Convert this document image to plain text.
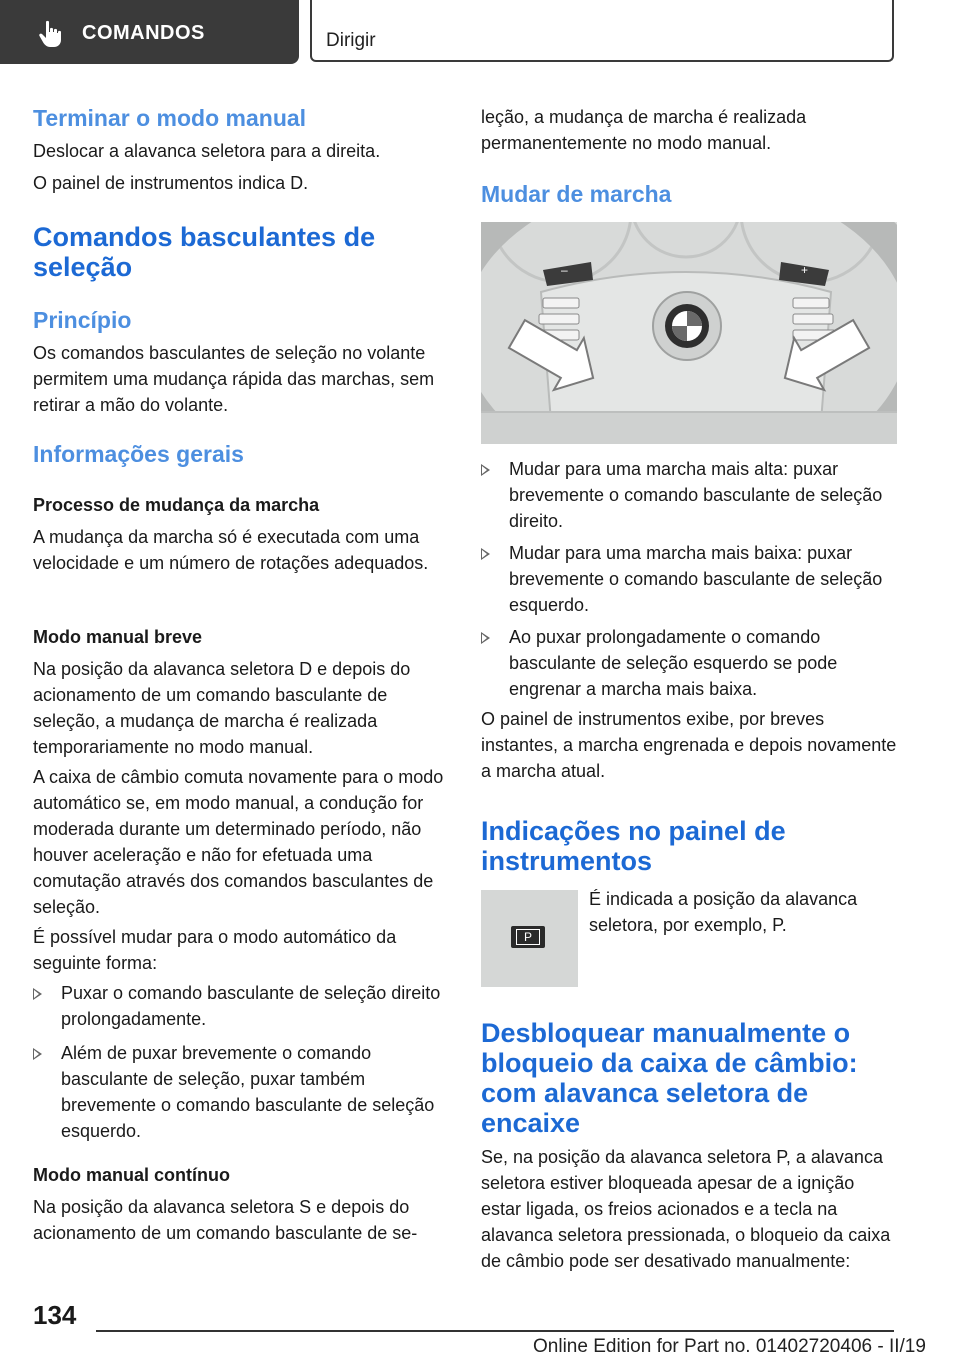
COMANDOS	Dirigir
Terminar o modo manual

Deslocar a alavanca seletora para a direita.

O painel de instrumentos indica D.

Comandos basculantes de seleção
Princípio

Os comandos basculantes de seleção no volante permitem uma mudança rápida das marchas, sem retirar a mão do volante.

Informações gerais
Processo de mudança da marcha

A mudança da marcha só é executada com uma velocidade e um número de rotações adequados.

Modo manual breve

Na posição da alavanca seletora D e depois do acionamento de um comando basculante de seleção, a mudança de marcha é realizada temporariamente no modo manual.

A caixa de câmbio comuta novamente para o modo automático se, em modo manual, a condução for moderada durante um determinado período, não houver aceleração e não for efetuada uma comutação através dos comandos basculantes de seleção.

É possível mudar para o modo automático da seguinte forma:

Puxar o comando basculante de seleção direito prolongadamente.
Além de puxar brevemente o comando basculante de seleção, puxar também brevemente o comando basculante de seleção esquerdo.
Modo manual contínuo

Na posição da alavanca seletora S e depois do acionamento de um comando basculante de se-

leção, a mudança de marcha é realizada permanentemente no modo manual.

Mudar de marcha
–	+
Mudar para uma marcha mais alta: puxar brevemente o comando basculante de seleção direito.
Mudar para uma marcha mais baixa: puxar brevemente o comando basculante de seleção esquerdo.
Ao puxar prolongadamente o comando basculante de seleção esquerdo se pode engrenar a marcha mais baixa.

O painel de instrumentos exibe, por breves instantes, a marcha engrenada e depois novamente a marcha atual.

Indicações no painel de instrumentos
P

É indicada a posição da alavanca seletora, por exemplo, P.

Desbloquear manualmente o bloqueio da caixa de câmbio: com alavanca seletora de encaixe

Se, na posição da alavanca seletora P, a alavanca seletora estiver bloqueada apesar de a ignição estar ligada, os freios acionados e a tecla na alavanca seletora pressionada, o bloqueio da caixa de câmbio pode ser desativado manualmente:

134
Online Edition for Part no. 01402720406 - II/19
